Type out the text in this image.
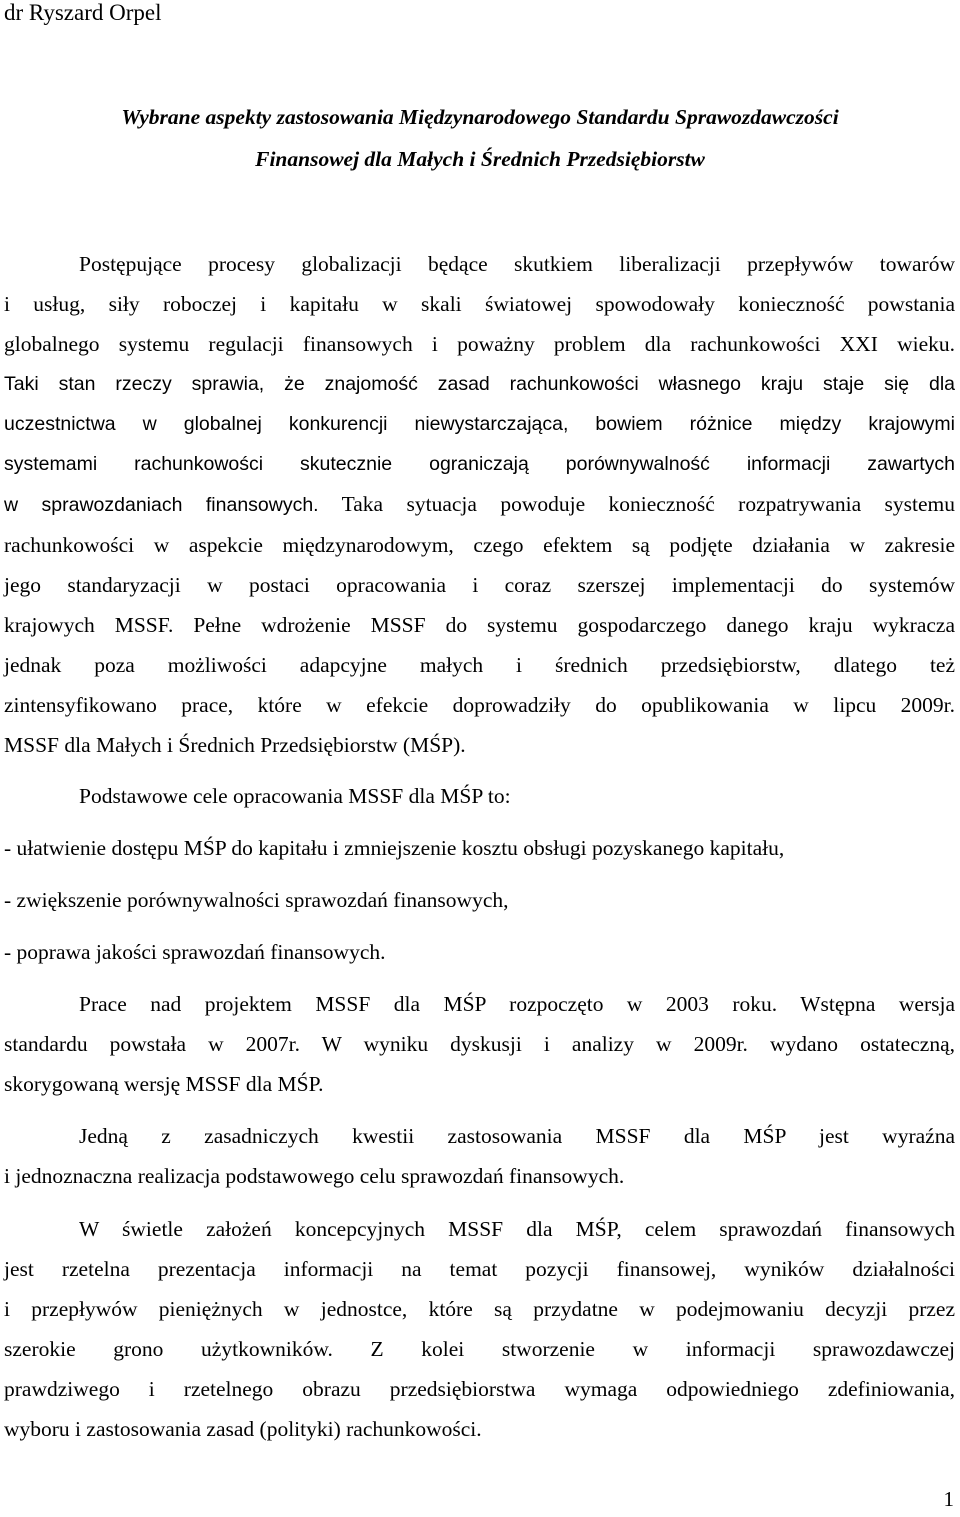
dr Ryszard Orpel
Wybrane aspekty zastosowania Międzynarodowego Standardu Sprawozdawczości
Finansowej dla Małych i Średnich Przedsiębiorstw
Postępujące procesy globalizacji będące skutkiem liberalizacji przepływów towarów
i usług, siły roboczej i kapitału w skali światowej spowodowały konieczność powstania
globalnego systemu regulacji finansowych i poważny problem dla rachunkowości XXI wieku.
Taki stan rzeczy sprawia, że znajomość zasad rachunkowości własnego kraju staje się dla
uczestnictwa w globalnej konkurencji niewystarczająca, bowiem różnice między krajowymi
systemami rachunkowości skutecznie ograniczają porównywalność informacji zawartych
w sprawozdaniach finansowych. Taka sytuacja powoduje konieczność rozpatrywania systemu
rachunkowości w aspekcie międzynarodowym, czego efektem są podjęte działania w zakresie
jego standaryzacji w postaci opracowania i coraz szerszej implementacji do systemów
krajowych MSSF. Pełne wdrożenie MSSF do systemu gospodarczego danego kraju wykracza
jednak poza możliwości adapcyjne małych i średnich przedsiębiorstw, dlatego też
zintensyfikowano prace, które w efekcie doprowadziły do opublikowania w lipcu 2009r.
MSSF dla Małych i Średnich Przedsiębiorstw (MŚP).
Podstawowe cele opracowania MSSF dla MŚP to:
- ułatwienie dostępu MŚP do kapitału i zmniejszenie kosztu obsługi pozyskanego kapitału,
- zwiększenie porównywalności sprawozdań finansowych,
- poprawa jakości sprawozdań finansowych.
Prace nad projektem MSSF dla MŚP rozpoczęto w 2003 roku. Wstępna wersja
standardu powstała w 2007r. W wyniku dyskusji i analizy w 2009r. wydano ostateczną,
skorygowaną wersję MSSF dla MŚP.
Jedną z zasadniczych kwestii zastosowania MSSF dla MŚP jest wyraźna
i jednoznaczna realizacja podstawowego celu sprawozdań finansowych.
W świetle założeń koncepcyjnych MSSF dla MŚP, celem sprawozdań finansowych
jest rzetelna prezentacja informacji na temat pozycji finansowej, wyników działalności
i przepływów pieniężnych w jednostce, które są przydatne w podejmowaniu decyzji przez
szerokie grono użytkowników. Z kolei stworzenie w informacji sprawozdawczej
prawdziwego i rzetelnego obrazu przedsiębiorstwa wymaga odpowiedniego zdefiniowania,
wyboru i zastosowania zasad (polityki) rachunkowości.
1
